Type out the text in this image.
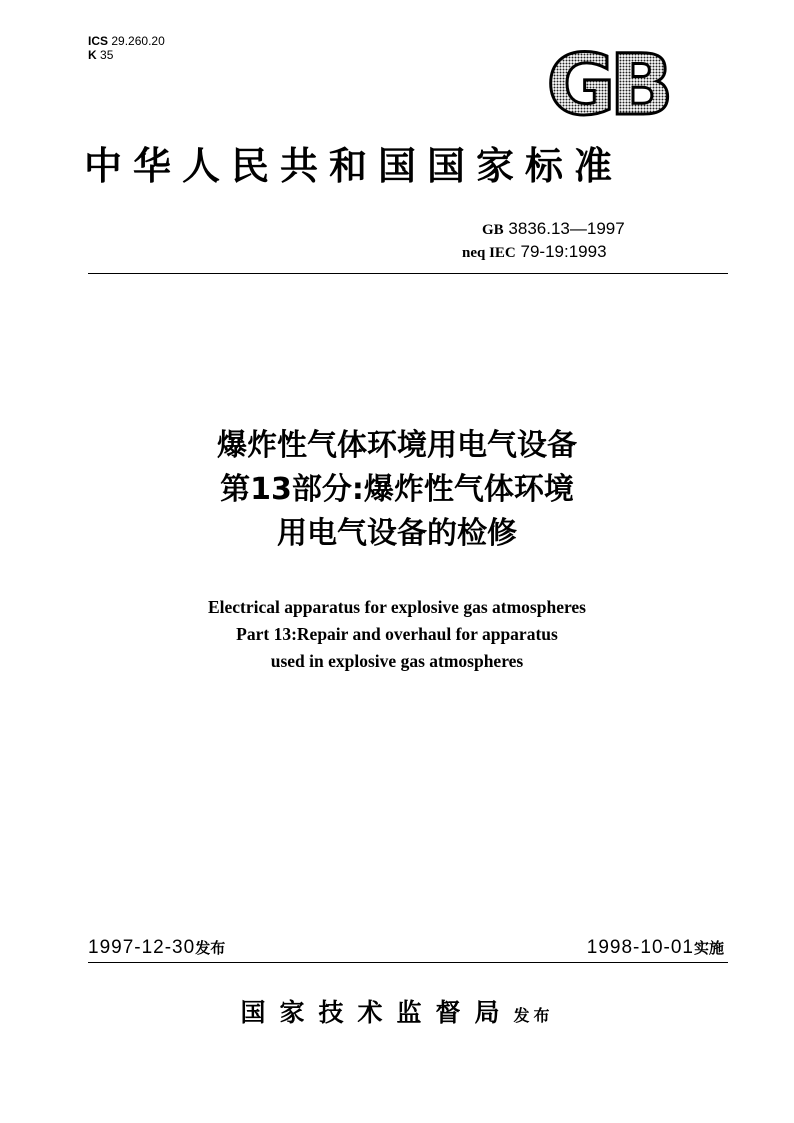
ICS 29.260.20
K 35	GB
中华人民共和国国家标准
GB 3836.13—1997
neq IEC 79-19:1993
爆炸性气体环境用电气设备
第13部分:爆炸性气体环境
用电气设备的检修
Electrical apparatus for explosive gas atmospheres
Part 13:Repair and overhaul for apparatus
used in explosive gas atmospheres
1997-12-30发布	1998-10-01实施
国家技术监督局发布
